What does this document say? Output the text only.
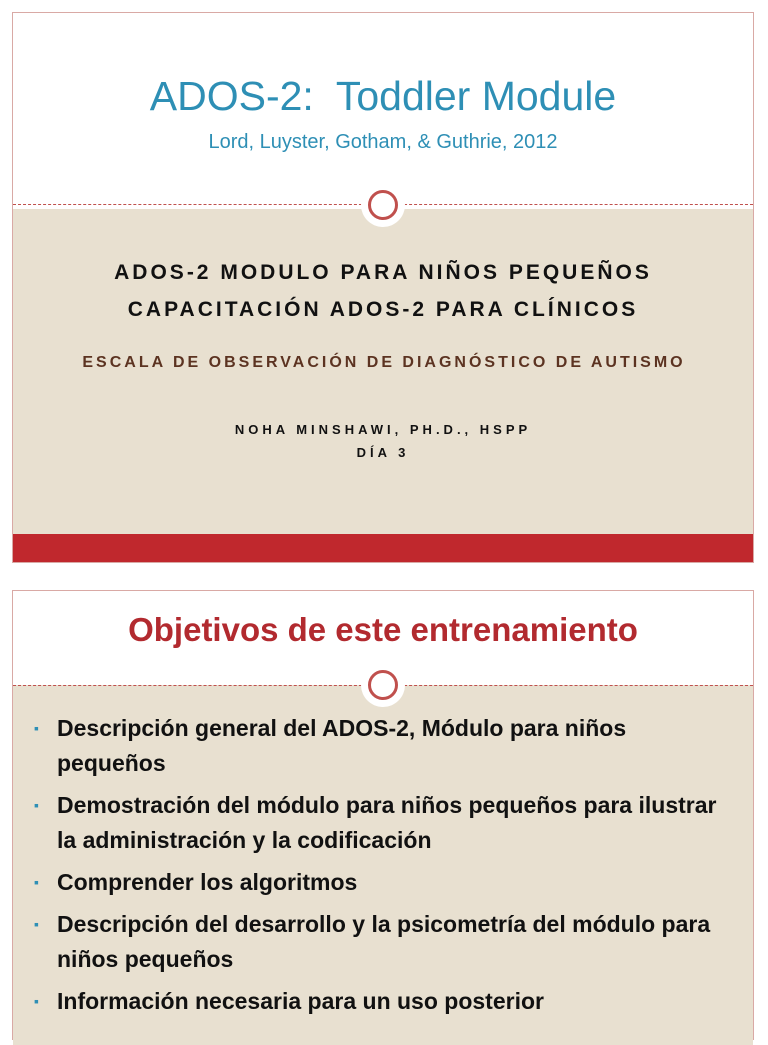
ADOS-2:  Toddler Module
Lord, Luyster, Gotham, & Guthrie, 2012
ADOS-2 MODULO PARA NIÑOS PEQUEÑOS
CAPACITACIÓN ADOS-2 PARA CLÍNICOS
ESCALA DE OBSERVACIÓN DE DIAGNÓSTICO DE AUTISMO
NOHA MINSHAWI, PH.D., HSPP
DÍA 3
Objetivos de este entrenamiento
▪ Descripción general del ADOS-2, Módulo para niños pequeños
▪ Demostración del módulo para niños pequeños para ilustrar la administración y la codificación
▪ Comprender los algoritmos
▪ Descripción del desarrollo y la psicometría del módulo para niños pequeños
▪ Información necesaria para un uso posterior
